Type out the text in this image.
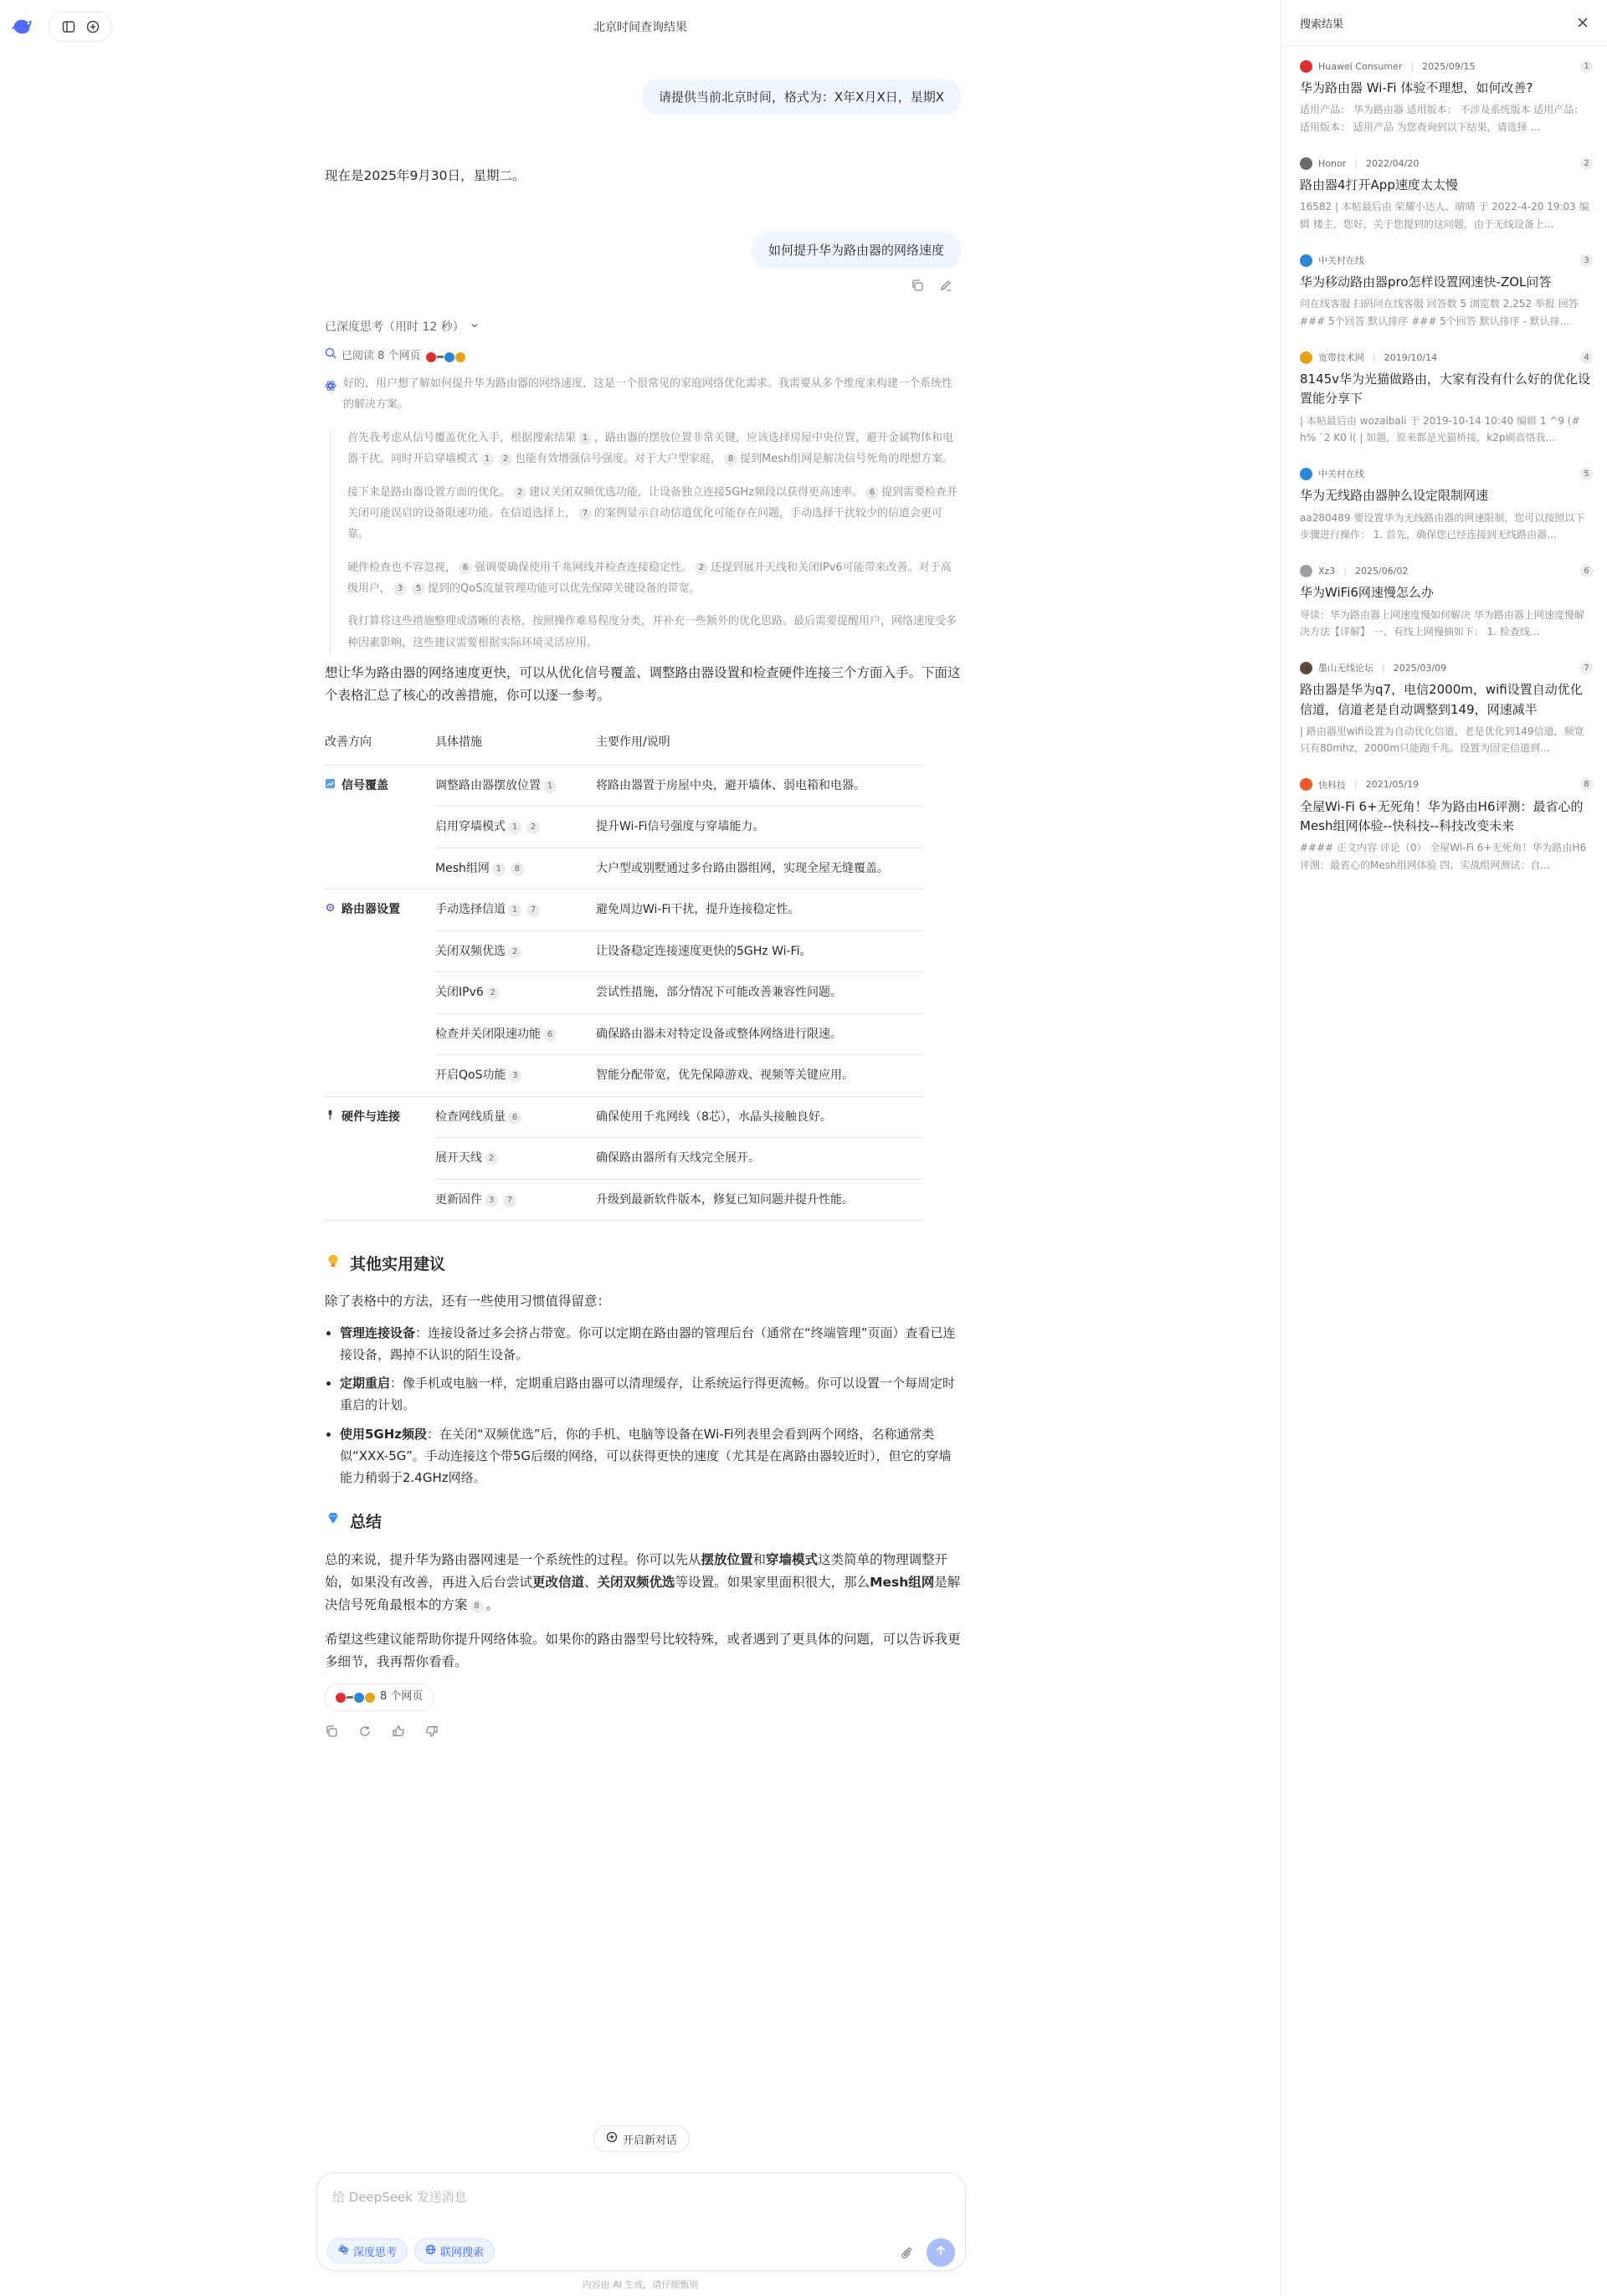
北京时间查询结果
请提供当前北京时间，格式为：X年X月X日，星期X
现在是2025年9月30日，星期二。
如何提升华为路由器的网络速度
已深度思考（用时 12 秒）
已阅读 8 个网页

好的，用户想了解如何提升华为路由器的网络速度，这是一个很常见的家庭网络优化需求。我需要从多个维度来构建一个系统性的解决方案。

首先我考虑从信号覆盖优化入手，根据搜索结果 1 ，路由器的摆放位置非常关键，应该选择房屋中央位置，避开金属物体和电器干扰。同时开启穿墙模式 1 2 也能有效增强信号强度。对于大户型家庭， 8 提到Mesh组网是解决信号死角的理想方案。

接下来是路由器设置方面的优化。 2 建议关闭双频优选功能，让设备独立连接5GHz频段以获得更高速率。 6 提到需要检查并关闭可能误启的设备限速功能。在信道选择上， 7 的案例显示自动信道优化可能存在问题，手动选择干扰较少的信道会更可靠。

硬件检查也不容忽视， 6 强调要确保使用千兆网线并检查连接稳定性。 2 还提到展开天线和关闭IPv6可能带来改善。对于高级用户， 3 5 提到的QoS流量管理功能可以优先保障关键设备的带宽。

我打算将这些措施整理成清晰的表格，按照操作难易程度分类，并补充一些额外的优化思路。最后需要提醒用户，网络速度受多种因素影响，这些建议需要根据实际环境灵活应用。

想让华为路由器的网络速度更快，可以从优化信号覆盖、调整路由器设置和检查硬件连接三个方面入手。下面这个表格汇总了核心的改善措施，你可以逐一参考。
改善方向	具体措施	主要作用/说明
信号覆盖	调整路由器摆放位置 1	将路由器置于房屋中央，避开墙体、弱电箱和电器。
	启用穿墙模式 1 2	提升Wi-Fi信号强度与穿墙能力。
	Mesh组网 1 8	大户型或别墅通过多台路由器组网，实现全屋无缝覆盖。
路由器设置	手动选择信道 1 7	避免周边Wi-Fi干扰，提升连接稳定性。
	关闭双频优选 2	让设备稳定连接速度更快的5GHz Wi-Fi。
	关闭IPv6 2	尝试性措施，部分情况下可能改善兼容性问题。
	检查并关闭限速功能 6	确保路由器未对特定设备或整体网络进行限速。
	开启QoS功能 3	智能分配带宽，优先保障游戏、视频等关键应用。
硬件与连接	检查网线质量 6	确保使用千兆网线（8芯），水晶头接触良好。
	展开天线 2	确保路由器所有天线完全展开。
	更新固件 3 7	升级到最新软件版本，修复已知问题并提升性能。
其他实用建议
除了表格中的方法，还有一些使用习惯值得留意：
管理连接设备：连接设备过多会挤占带宽。你可以定期在路由器的管理后台（通常在“终端管理”页面）查看已连接设备，踢掉不认识的陌生设备。
定期重启：像手机或电脑一样，定期重启路由器可以清理缓存，让系统运行得更流畅。你可以设置一个每周定时重启的计划。
使用5GHz频段：在关闭“双频优选”后，你的手机、电脑等设备在Wi-Fi列表里会看到两个网络，名称通常类似“XXX-5G”。手动连接这个带5G后缀的网络，可以获得更快的速度（尤其是在离路由器较近时），但它的穿墙能力稍弱于2.4GHz网络。
总结
总的来说，提升华为路由器网速是一个系统性的过程。你可以先从摆放位置和穿墙模式这类简单的物理调整开始，如果没有改善，再进入后台尝试更改信道、关闭双频优选等设置。如果家里面积很大，那么Mesh组网是解决信号死角最根本的方案 8 。
希望这些建议能帮助你提升网络体验。如果你的路由器型号比较特殊，或者遇到了更具体的问题，可以告诉我更多细节，我再帮你看看。
8 个网页
开启新对话
给 DeepSeek 发送消息
深度思考	联网搜索
内容由 AI 生成，请仔细甄别
搜索结果
Huawei Consumer | 2025/09/15	1
华为路由器 Wi-Fi 体验不理想，如何改善?
适用产品： 华为路由器 适用版本： 不涉及系统版本 适用产品： 适用版本： 适用产品 为您查询到以下结果，请选择 ...
Honor | 2022/04/20	2
路由器4打开App速度太太慢
16582 | 本帖最后由 荣耀小达人、晴晴 于 2022-4-20 19:03 编辑 楼主，您好，关于您提到的这问题，由于无线设备上...
中关村在线	3
华为移动路由器pro怎样设置网速快-ZOL问答
问在线客服 扫码问在线客服 回答数 5 浏览数 2,252 举报 回答 ### 5个回答 默认排序 ### 5个回答 默认排序 - 默认排...
宽带技术网 | 2019/10/14	4
8145v华为光猫做路由，大家有没有什么好的优化设置能分享下
| 本帖最后由 wozaibali 于 2019-10-14 10:40 编辑 1 ^9 (# h% `2 K0 l( | 如题，原来都是光猫桥接，k2p刷高恪我...
中关村在线	5
华为无线路由器肿么设定限制网速
aa280489 要设置华为无线路由器的网速限制，您可以按照以下步骤进行操作： 1. 首先，确保您已经连接到无线路由器...
Xz3 | 2025/06/02	6
华为WiFi6网速慢怎么办
导读：华为路由器上网速度慢如何解决 华为路由器上网速度慢解决方法【详解】 一、有线上网慢摘如下： 1. 检查线...
墨山无线论坛 | 2025/03/09	7
路由器是华为q7，电信2000m，wifi设置自动优化信道，信道老是自动调整到149，网速减半
| 路由器里wifi设置为自动优化信道，老是优化到149信道，频宽只有80mhz，2000m只能跑千兆。设置为固定信道到...
快科技 | 2021/05/19	8
全屋Wi-Fi 6+无死角！华为路由H6评测：最省心的Mesh组网体验--快科技--科技改变未来
#### 正文内容 评论（0） 全屋Wi-Fi 6+无死角！华为路由H6评测：最省心的Mesh组网体验 四、实战组网测试：自...
